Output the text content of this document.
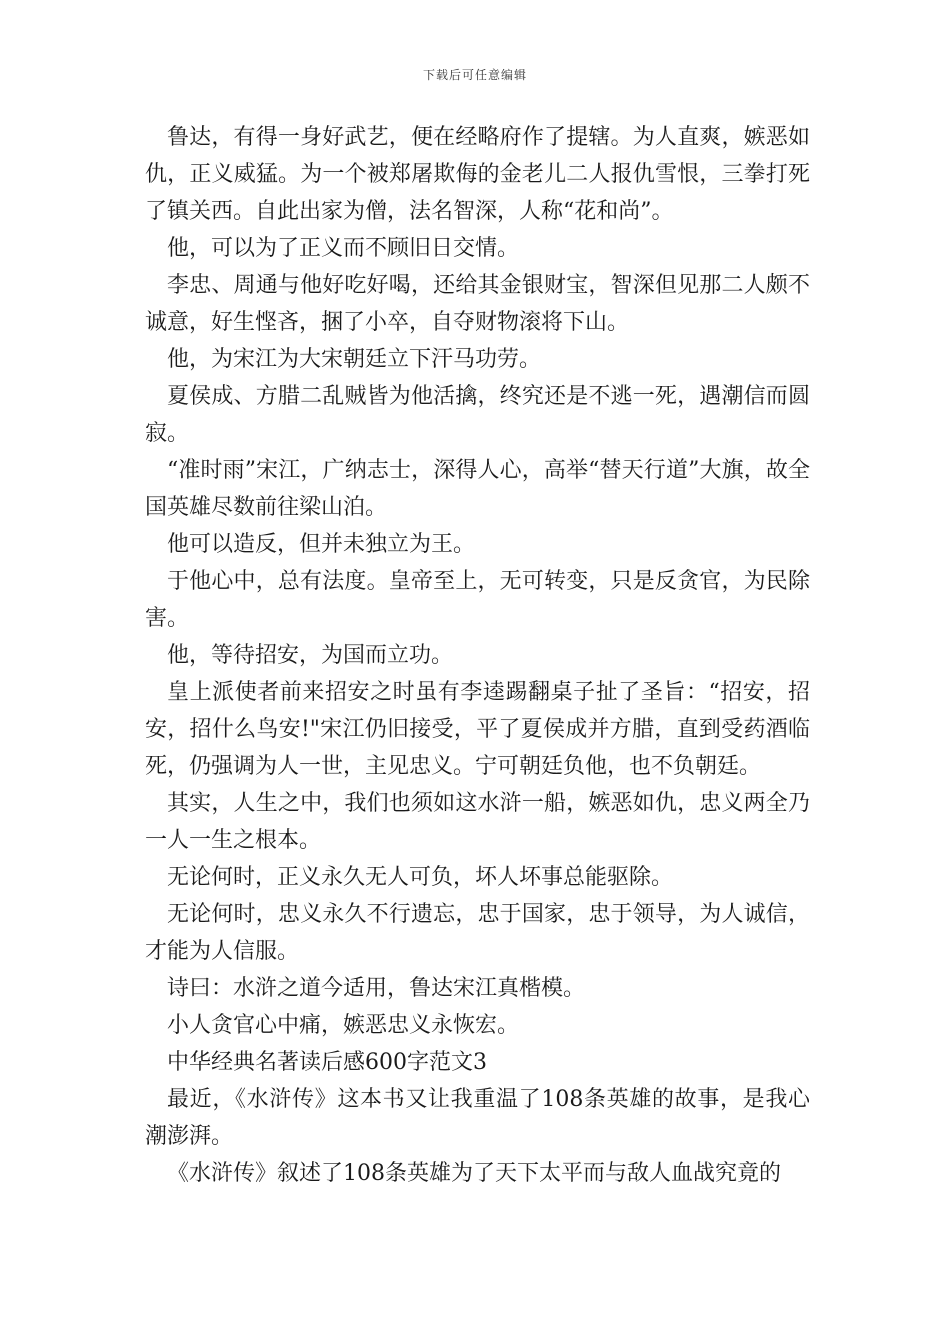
下载后可任意编辑

鲁达，有得一身好武艺，便在经略府作了提辖。为人直爽，嫉恶如仇，正义威猛。为一个被郑屠欺侮的金老儿二人报仇雪恨，三拳打死了镇关西。自此出家为僧，法名智深，人称“花和尚”。

他，可以为了正义而不顾旧日交情。

李忠、周通与他好吃好喝，还给其金银财宝，智深但见那二人颇不诚意，好生悭吝，捆了小卒，自夺财物滚将下山。

他，为宋江为大宋朝廷立下汗马功劳。

夏侯成、方腊二乱贼皆为他活擒，终究还是不逃一死，遇潮信而圆寂。

“准时雨”宋江，广纳志士，深得人心，高举“替天行道”大旗，故全国英雄尽数前往梁山泊。

他可以造反，但并未独立为王。

于他心中，总有法度。皇帝至上，无可转变，只是反贪官，为民除害。

他，等待招安，为国而立功。

皇上派使者前来招安之时虽有李逵踢翻桌子扯了圣旨：“招安，招安，招什么鸟安!"宋江仍旧接受，平了夏侯成并方腊，直到受药酒临死，仍强调为人一世，主见忠义。宁可朝廷负他，也不负朝廷。

其实，人生之中，我们也须如这水浒一船，嫉恶如仇，忠义两全乃一人一生之根本。

无论何时，正义永久无人可负，坏人坏事总能驱除。

无论何时，忠义永久不行遗忘，忠于国家，忠于领导，为人诚信，才能为人信服。

诗曰：水浒之道今适用，鲁达宋江真楷模。

小人贪官心中痛，嫉恶忠义永恢宏。

中华经典名著读后感600字范文3

最近，《水浒传》这本书又让我重温了108条英雄的故事，是我心潮澎湃。

《水浒传》叙述了108条英雄为了天下太平而与敌人血战究竟的
